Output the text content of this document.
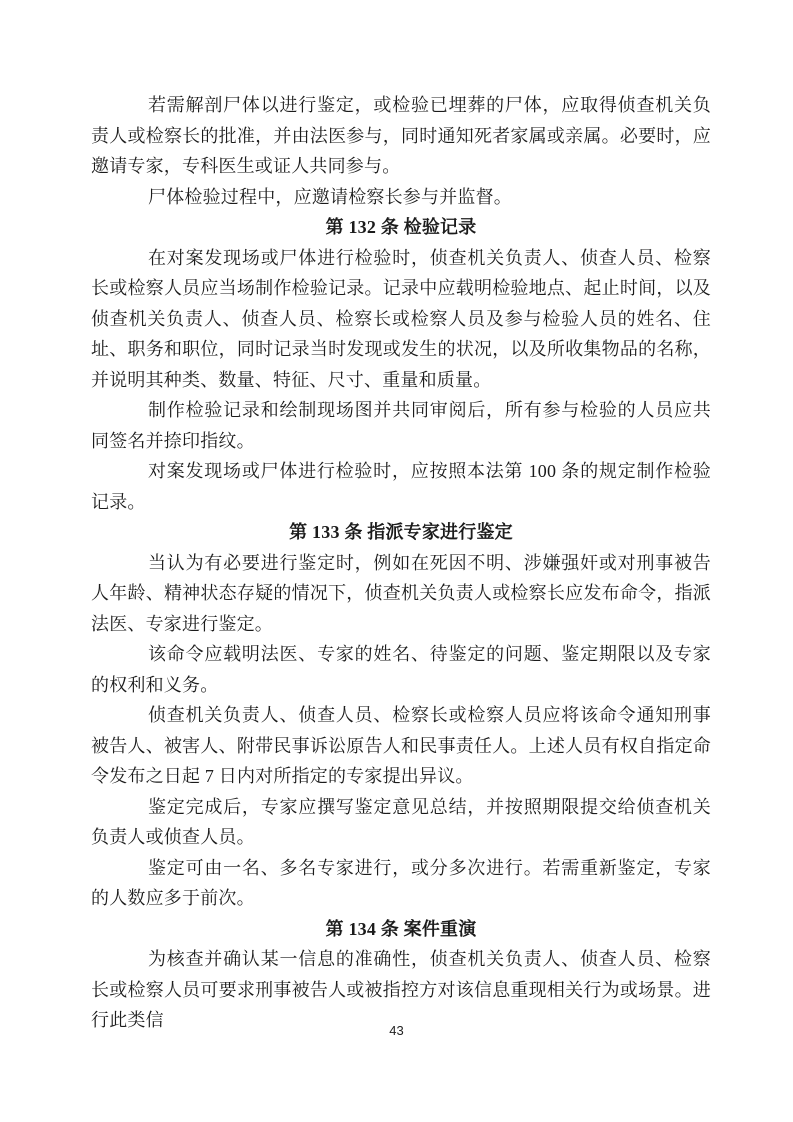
若需解剖尸体以进行鉴定，或检验已埋葬的尸体，应取得侦查机关负责人或检察长的批准，并由法医参与，同时通知死者家属或亲属。必要时，应邀请专家，专科医生或证人共同参与。

尸体检验过程中，应邀请检察长参与并监督。

第 132 条 检验记录

在对案发现场或尸体进行检验时，侦查机关负责人、侦查人员、检察长或检察人员应当场制作检验记录。记录中应载明检验地点、起止时间，以及侦查机关负责人、侦查人员、检察长或检察人员及参与检验人员的姓名、住址、职务和职位，同时记录当时发现或发生的状况，以及所收集物品的名称，并说明其种类、数量、特征、尺寸、重量和质量。

制作检验记录和绘制现场图并共同审阅后，所有参与检验的人员应共同签名并捺印指纹。

对案发现场或尸体进行检验时，应按照本法第 100 条的规定制作检验记录。

第 133 条 指派专家进行鉴定

当认为有必要进行鉴定时，例如在死因不明、涉嫌强奸或对刑事被告人年龄、精神状态存疑的情况下，侦查机关负责人或检察长应发布命令，指派法医、专家进行鉴定。

该命令应载明法医、专家的姓名、待鉴定的问题、鉴定期限以及专家的权利和义务。

侦查机关负责人、侦查人员、检察长或检察人员应将该命令通知刑事被告人、被害人、附带民事诉讼原告人和民事责任人。上述人员有权自指定命令发布之日起 7 日内对所指定的专家提出异议。

鉴定完成后，专家应撰写鉴定意见总结，并按照期限提交给侦查机关负责人或侦查人员。

鉴定可由一名、多名专家进行，或分多次进行。若需重新鉴定，专家的人数应多于前次。

第 134 条 案件重演

为核查并确认某一信息的准确性，侦查机关负责人、侦查人员、检察长或检察人员可要求刑事被告人或被指控方对该信息重现相关行为或场景。进行此类信

43
